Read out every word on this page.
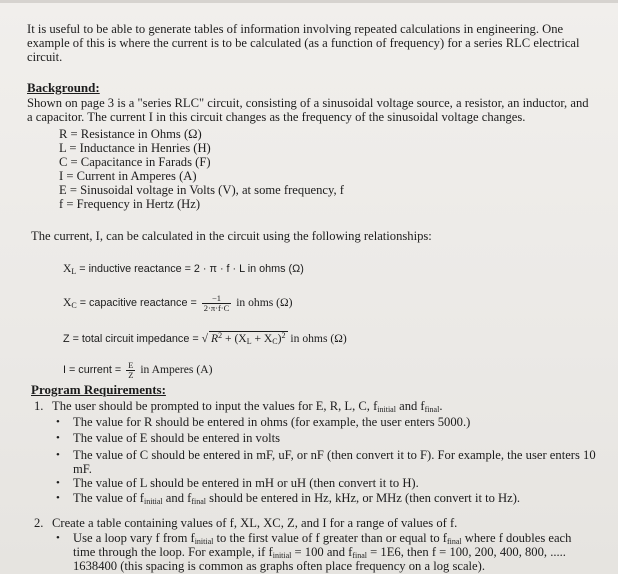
It is useful to be able to generate tables of information involving repeated calculations in engineering. One
example of this is where the current is to be calculated (as a function of frequency) for a series RLC electrical
circuit.
Background:
Shown on page 3 is a "series RLC" circuit, consisting of a sinusoidal voltage source, a resistor, an inductor, and
a capacitor. The current I in this circuit changes as the frequency of the sinusoidal voltage changes.
R = Resistance in Ohms (Ω)
L = Inductance in Henries (H)
C = Capacitance in Farads (F)
I = Current in Amperes (A)
E = Sinusoidal voltage in Volts (V), at some frequency, f
f = Frequency in Hertz (Hz)
The current, I, can be calculated in the circuit using the following relationships:
$X_L$ = inductive reactance = 2 · π · f · L in ohms (Ω)
$X_C$ = capacitive reactance = $\frac{-1}{2\cdot\pi\cdot f\cdot C}$ in ohms (Ω)
Z = total circuit impedance = √ $R^2 + (X_L + X_C)^2$ in ohms (Ω)
I = current = $\frac{E}{Z}$ in Amperes (A)
Program Requirements:
1. The user should be prompted to input the values for E, R, L, C, $f_{initial}$ and $f_{final}$.
• The value for R should be entered in ohms (for example, the user enters 5000.)
• The value of E should be entered in volts
• The value of C should be entered in mF, uF, or nF (then convert it to F). For example, the user enters 10
mF.
• The value of L should be entered in mH or uH (then convert it to H).
• The value of $f_{initial}$ and $f_{final}$ should be entered in Hz, kHz, or MHz (then convert it to Hz).
2. Create a table containing values of f, XL, XC, Z, and I for a range of values of f.
• Use a loop vary f from $f_{initial}$ to the first value of f greater than or equal to $f_{final}$ where f doubles each
time through the loop. For example, if $f_{initial} = 100$ and $f_{final} = 1E6$, then f = 100, 200, 400, 800, .....
1638400 (this spacing is common as graphs often place frequency on a log scale).
